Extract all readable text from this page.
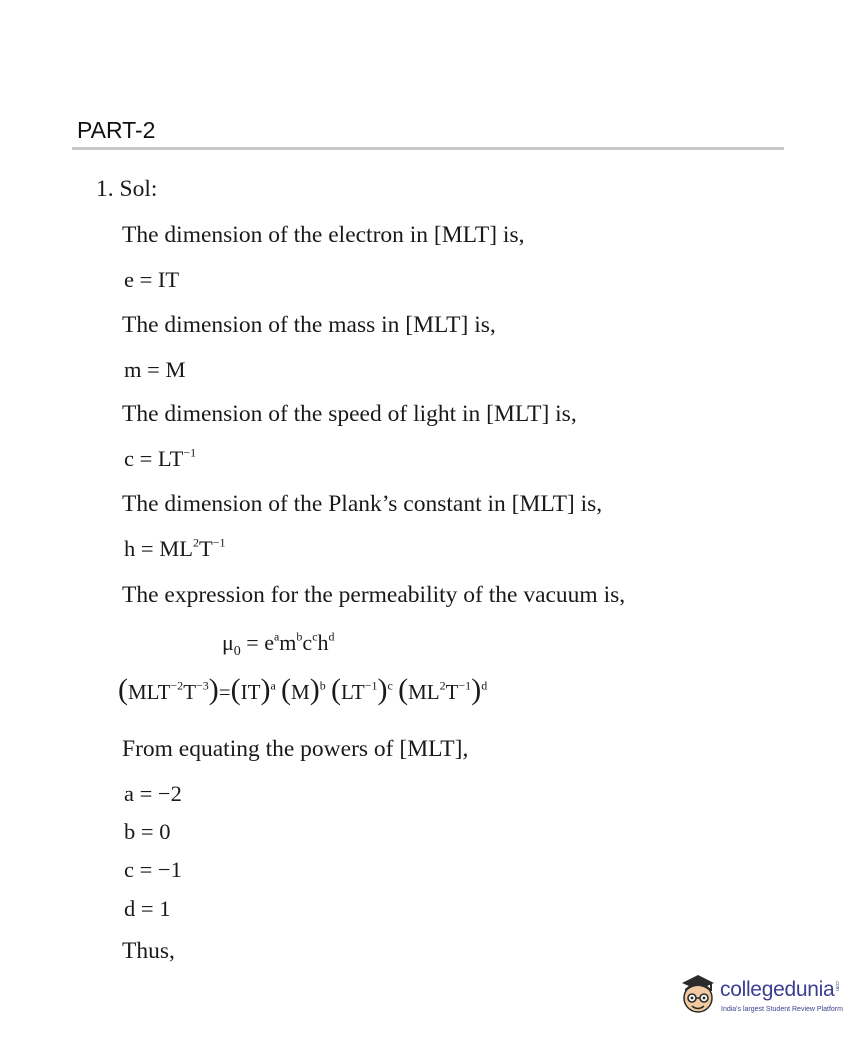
PART-2
1. Sol:
The dimension of the electron in [MLT] is,
e = IT
The dimension of the mass in [MLT] is,
m = M
The dimension of the speed of light in [MLT] is,
$c = LT^{-1}$
The dimension of the Plank’s constant in [MLT] is,
$h = ML^2T^{-1}$
The expression for the permeability of the vacuum is,
$\mu_0 = e^am^bc^ch^d$
$(MLT^{-2}T^{-3})=(IT)^a$ $(M)^b$ $(LT^{-1})^c$ $(ML^2T^{-1})^d$
From equating the powers of [MLT],
a = −2
b = 0
c = −1
d = 1
Thus,
collegedunia
India's largest Student Review Platform
.com
